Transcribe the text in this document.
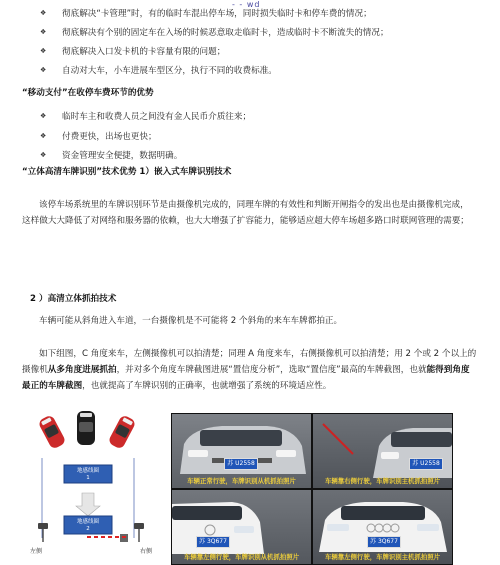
- - wd
❖	彻底解决“卡管理”时，有的临时车混出停车场，同时损失临时卡和停车费的情况；
❖	彻底解决有个别的固定车在入场的时候恶意取走临时卡，造成临时卡不断流失的情况；
❖	彻底解决入口发卡机的卡容量有限的问题；
❖	自动对大车，小车进展车型区分，执行不同的收费标准。
“移动支付”在收停车费环节的优势
❖	临时车主和收费人员之间没有金人民币介质往来；
❖	付费更快，出场也更快；
❖	资金管理安全便捷，数据明确。
“立体高清车牌识别”技术优势 1）嵌入式车牌识别技术
该停车场系统里的车牌识别环节是由摄像机完成的，同理车牌的有效性和判断开闸指令的发出也是由摄像机完成，这样做大大降低了对网络和服务器的依赖，也大大增强了扩容能力，能够适应超大停车场超多路口时联网管理的需要；
2 ）高清立体抓拍技术
车辆可能从斜角进入车道，一台摄像机是不可能将 2 个斜角的来车车牌都拍正。
如下组图，C 角度来车，左侧摄像机可以拍清楚；同理 A 角度来车，右侧摄像机可以拍清楚；用 2 个或 2 个以上的摄像机从多角度进展抓拍，并对多个角度车牌截图进展“置信度分析”，选取“置信度”最高的车牌截图，也就能得到角度最正的车牌截图，也就提高了车牌识别的正确率，也就增强了系统的环境适应性。
地感线圈
1
地感线圈
2
左侧	右侧
苏 U2558
车辆正常行驶，车牌识别从机抓拍照片
苏 U2558
车辆靠右侧行驶，车牌识别主机抓拍照片
苏 3Q677
车辆靠左侧行驶，车牌识别从机抓拍照片
苏 3Q677
车辆靠左侧行驶，车牌识别主机抓拍照片
